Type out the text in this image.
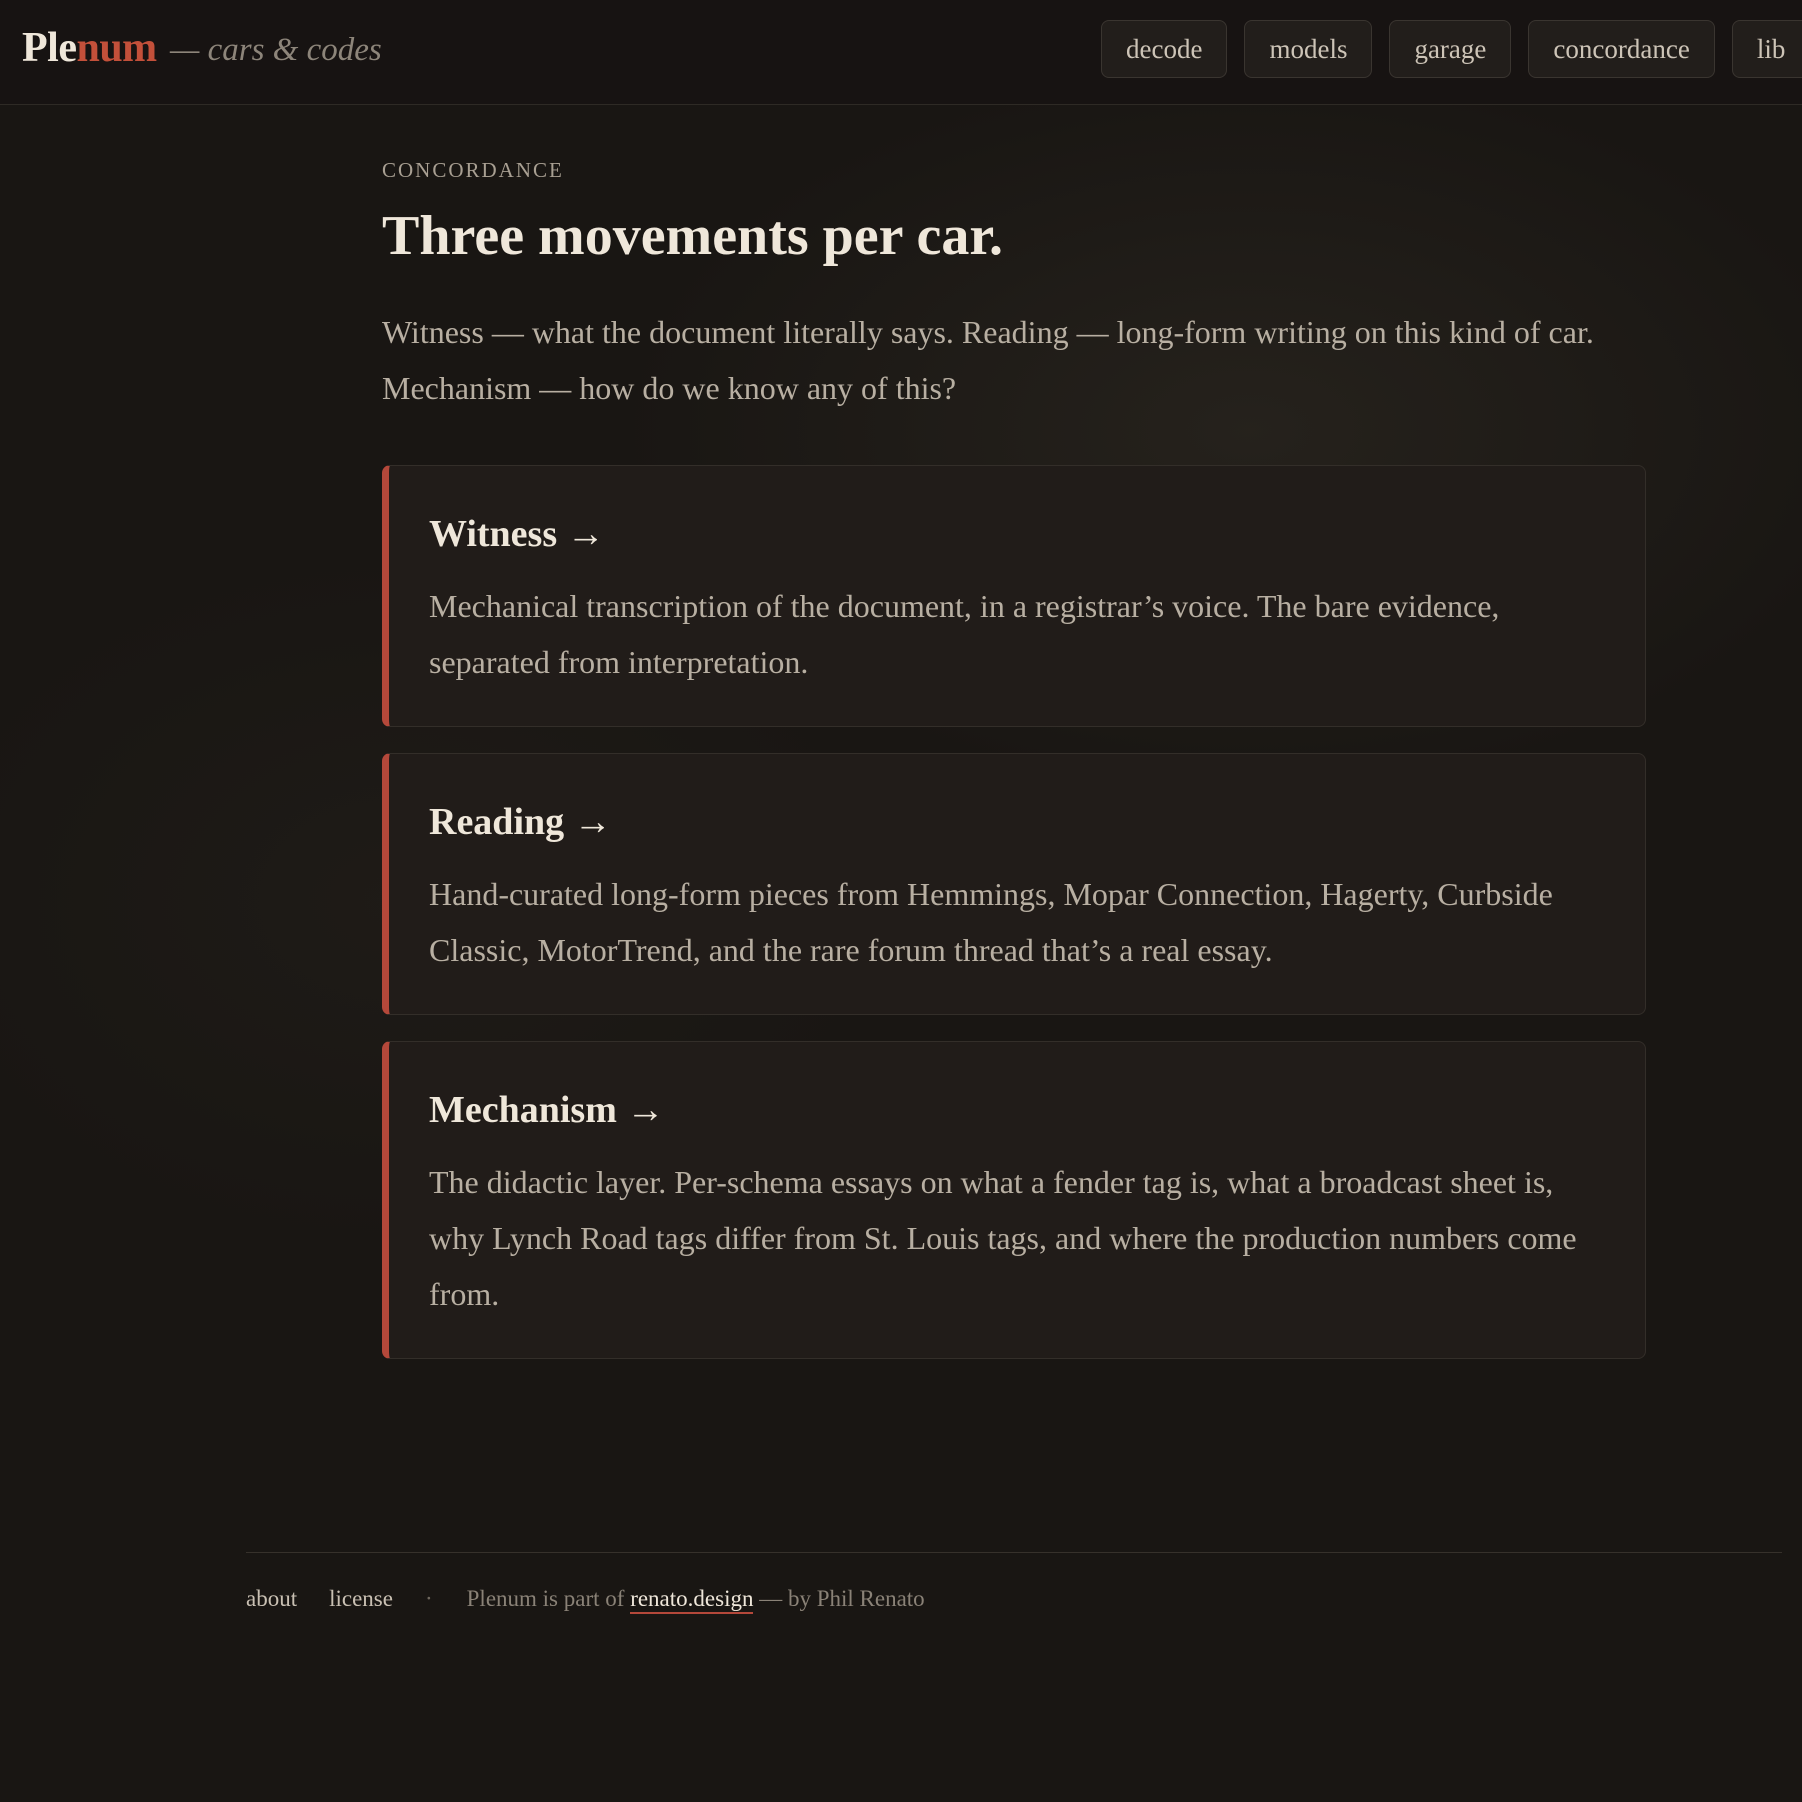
Plenum — cars & codes	decode	models	garage	concordance	lib
CONCORDANCE
Three movements per car.

Witness — what the document literally says. Reading — long-form writing on this kind of car. Mechanism — how do we know any of this?

Witness →

Mechanical transcription of the document, in a registrar’s voice. The bare evidence, separated from interpretation.

Reading →

Hand-curated long-form pieces from Hemmings, Mopar Connection, Hagerty, Curbside Classic, MotorTrend, and the rare forum thread that’s a real essay.

Mechanism →

The didactic layer. Per-schema essays on what a fender tag is, what a broadcast sheet is, why Lynch Road tags differ from St. Louis tags, and where the production numbers come from.

about license · Plenum is part of renato.design — by Phil Renato
